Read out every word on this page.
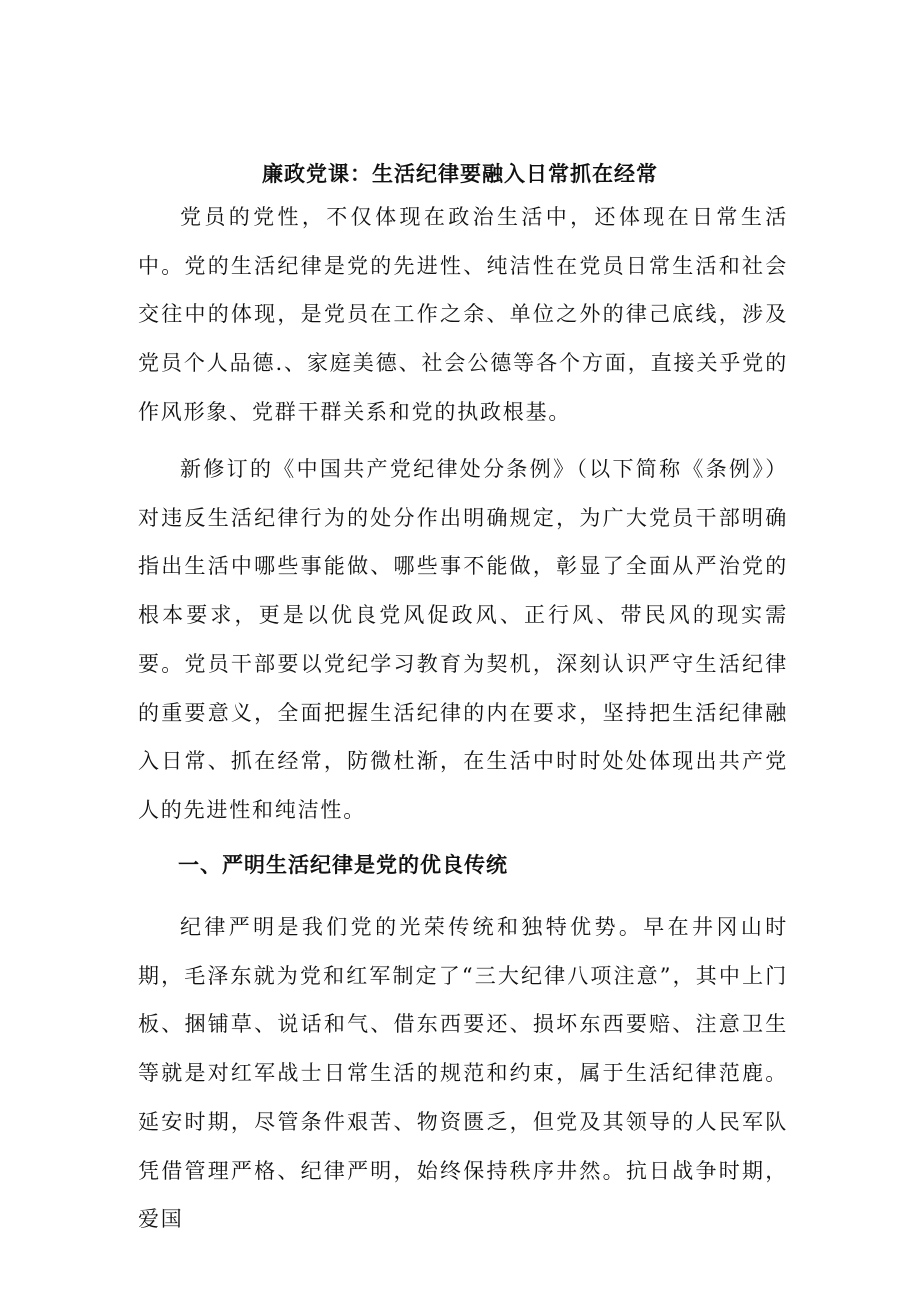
廉政党课：生活纪律要融入日常抓在经常

党员的党性，不仅体现在政治生活中，还体现在日常生活中。党的生活纪律是党的先进性、纯洁性在党员日常生活和社会交往中的体现，是党员在工作之余、单位之外的律己底线，涉及党员个人品德.、家庭美德、社会公德等各个方面，直接关乎党的作风形象、党群干群关系和党的执政根基。

新修订的《中国共产党纪律处分条例》（以下简称《条例》）对违反生活纪律行为的处分作出明确规定，为广大党员干部明确指出生活中哪些事能做、哪些事不能做，彰显了全面从严治党的根本要求，更是以优良党风促政风、正行风、带民风的现实需要。党员干部要以党纪学习教育为契机，深刻认识严守生活纪律的重要意义，全面把握生活纪律的内在要求，坚持把生活纪律融入日常、抓在经常，防微杜渐，在生活中时时处处体现出共产党人的先进性和纯洁性。

一、严明生活纪律是党的优良传统

纪律严明是我们党的光荣传统和独特优势。早在井冈山时期，毛泽东就为党和红军制定了“三大纪律八项注意”，其中上门板、捆铺草、说话和气、借东西要还、损坏东西要赔、注意卫生等就是对红军战士日常生活的规范和约束，属于生活纪律范鹿。延安时期，尽管条件艰苦、物资匮乏，但党及其领导的人民军队凭借管理严格、纪律严明，始终保持秩序井然。抗日战争时期，爱国
